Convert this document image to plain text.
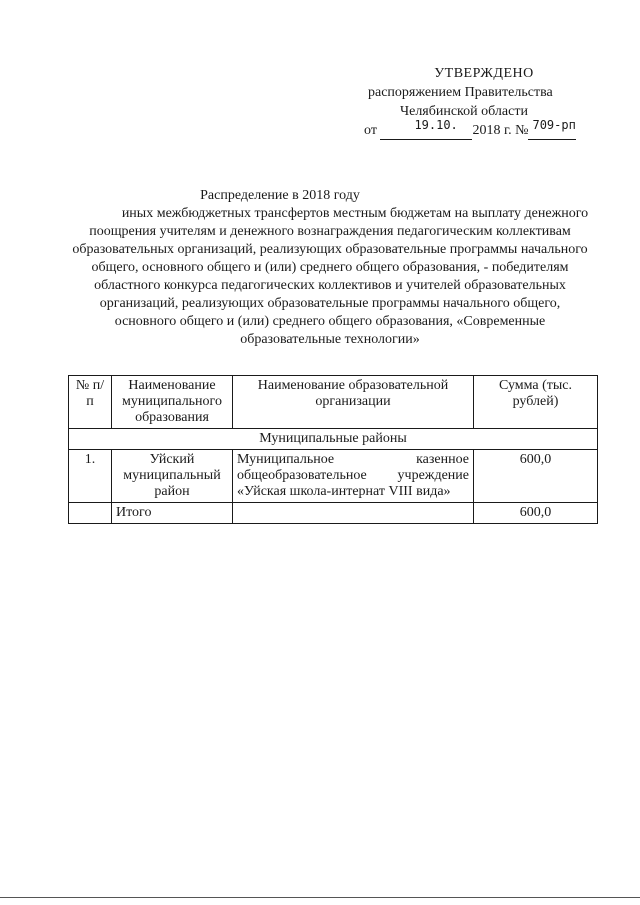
УТВЕРЖДЕНО
распоряжением Правительства
Челябинской области
от	19.10. 2018 г. № 709-рп
Распределение в 2018 году
иных межбюджетных трансфертов местным бюджетам на выплату денежного поощрения учителям и денежного вознаграждения педагогическим коллективам образовательных организаций, реализующих образовательные программы начального общего, основного общего и (или) среднего общего образования, - победителям областного конкурса педагогических коллективов и учителей образовательных организаций, реализующих образовательные программы начального общего, основного общего и (или) среднего общего образования, «Современные образовательные технологии»
№ п/п	Наименование муниципального образования	Наименование образовательной организации	Сумма (тыс. рублей)
Муниципальные районы			
1.	Уйский муниципальный район	Муниципальное казенное общеобразовательное учреждение «Уйская школа-интернат VIII вида»	600,0
	Итого		600,0
